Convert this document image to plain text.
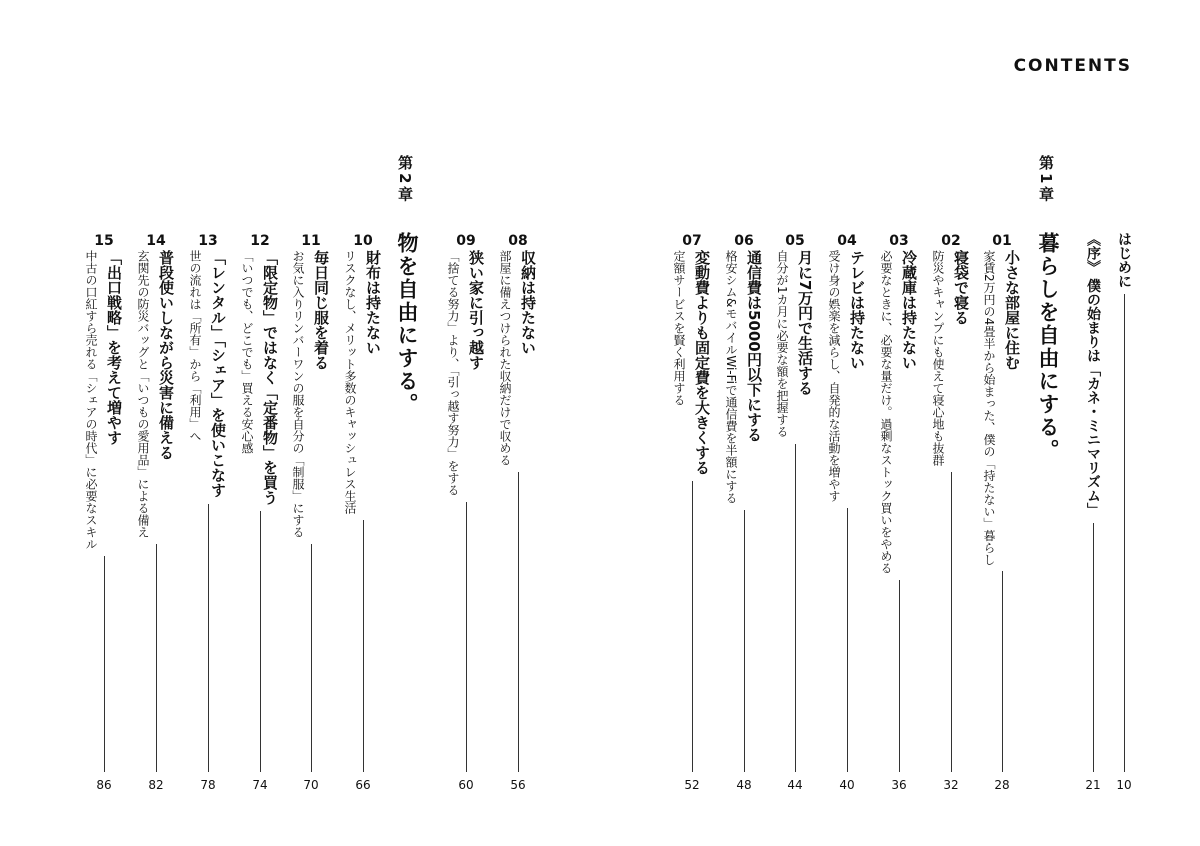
CONTENTS
はじめに
10
《序》 僕の始まりは「カネ・ミニマリズム」
21
第1章
暮らしを自由にする。
01
小さな部屋に住む
家賃2万円の4畳半から始まった、僕の「持たない」暮らし
28
02
寝袋で寝る
防災やキャンプにも使えて寝心地も抜群
32
03
冷蔵庫は持たない
必要なときに、必要な量だけ。過剰なストック買いをやめる
36
04
テレビは持たない
受け身の娯楽を減らし、自発的な活動を増やす
40
05
月に7万円で生活する
自分が1カ月に必要な額を把握する
44
06
通信費は5000円以下にする
格安シム&モバイルWi-Fiで通信費を半額にする
48
07
変動費よりも固定費を大きくする
定額サービスを賢く利用する
52
第2章
物を自由にする。	08
収納は持たない
部屋に備えつけられた収納だけで収める
56
09
狭い家に引っ越す
「捨てる努力」より、「引っ越す努力」をする
60
10
財布は持たない
リスクなし、メリット多数のキャッシュレス生活
66
11
毎日同じ服を着る
お気に入りリンバーワンの服を自分の「制服」にする
70
12
「限定物」ではなく「定番物」を買う
「いつでも、どこでも」買える安心感
74
13
「レンタル」「シェア」を使いこなす
世の流れは「所有」から「利用」へ
78
14
普段使いしながら災害に備える
玄関先の防災バッグと「いつもの愛用品」による備え
82
15
「出口戦略」を考えて増やす
中古の口紅すら売れる「シェアの時代」に必要なスキル
86
